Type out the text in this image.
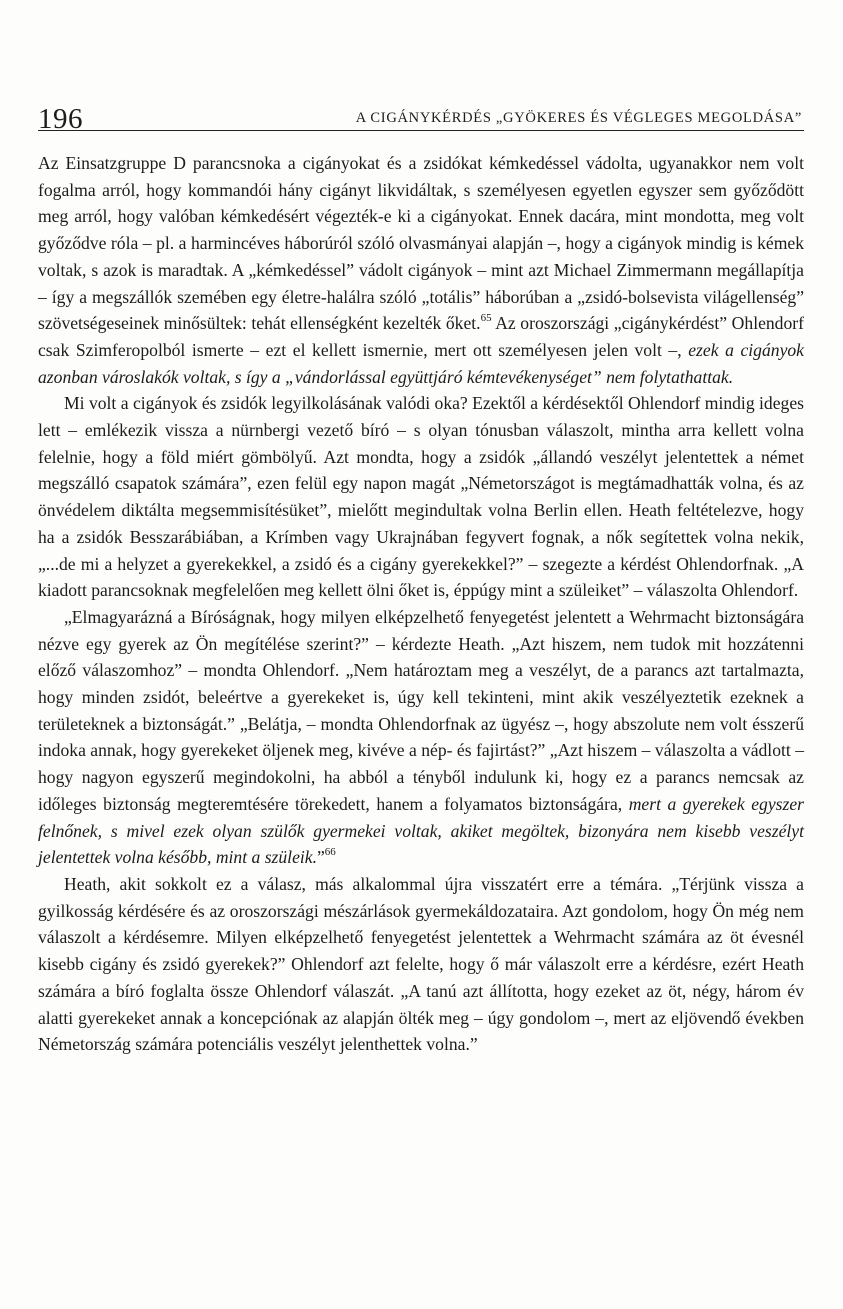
196	A CIGÁNYKÉRDÉS „GYÖKERES ÉS VÉGLEGES MEGOLDÁSA”

Az Einsatzgruppe D parancsnoka a cigányokat és a zsidókat kémkedéssel vádolta, ugyanakkor nem volt fogalma arról, hogy kommandói hány cigányt likvidáltak, s személyesen egyetlen egyszer sem győződött meg arról, hogy valóban kémkedésért végezték-e ki a cigányokat. Ennek dacára, mint mondotta, meg volt győződve róla – pl. a harmincéves háborúról szóló olvasmányai alapján –, hogy a cigányok mindig is kémek voltak, s azok is maradtak. A „kémkedéssel” vádolt cigányok – mint azt Michael Zimmermann megállapítja – így a megszállók szemében egy életre-halálra szóló „totális” háborúban a „zsidó-bolsevista világellenség” szövetségeseinek minősültek: tehát ellenségként kezelték őket.$^{65}$ Az oroszországi „cigánykérdést” Ohlendorf csak Szimferopolból ismerte – ezt el kellett ismernie, mert ott személyesen jelen volt –, ezek a cigányok azonban városlakók voltak, s így a „vándorlással együttjáró kémtevékenységet” nem folytathattak.

Mi volt a cigányok és zsidók legyilkolásának valódi oka? Ezektől a kérdésektől Ohlendorf mindig ideges lett – emlékezik vissza a nürnbergi vezető bíró – s olyan tónusban válaszolt, mintha arra kellett volna felelnie, hogy a föld miért gömbölyű. Azt mondta, hogy a zsidók „állandó veszélyt jelentettek a német megszálló csapatok számára”, ezen felül egy napon magát „Németországot is megtámadhatták volna, és az önvédelem diktálta megsemmisítésüket”, mielőtt megindultak volna Berlin ellen. Heath feltételezve, hogy ha a zsidók Besszarábiában, a Krímben vagy Ukrajnában fegyvert fognak, a nők segítettek volna nekik, „...de mi a helyzet a gyerekekkel, a zsidó és a cigány gyerekekkel?” – szegezte a kérdést Ohlendorfnak. „A kiadott parancsoknak megfelelően meg kellett ölni őket is, éppúgy mint a szüleiket” – válaszolta Ohlendorf.

„Elmagyarázná a Bíróságnak, hogy milyen elképzelhető fenyegetést jelentett a Wehrmacht biztonságára nézve egy gyerek az Ön megítélése szerint?” – kérdezte Heath. „Azt hiszem, nem tudok mit hozzátenni előző válaszomhoz” – mondta Ohlendorf. „Nem határoztam meg a veszélyt, de a parancs azt tartalmazta, hogy minden zsidót, beleértve a gyerekeket is, úgy kell tekinteni, mint akik veszélyeztetik ezeknek a területeknek a biztonságát.” „Belátja, – mondta Ohlendorfnak az ügyész –, hogy abszolute nem volt ésszerű indoka annak, hogy gyerekeket öljenek meg, kivéve a nép- és fajirtást?” „Azt hiszem – válaszolta a vádlott – hogy nagyon egyszerű megindokolni, ha abból a tényből indulunk ki, hogy ez a parancs nemcsak az időleges biztonság megteremtésére törekedett, hanem a folyamatos biztonságára, mert a gyerekek egyszer felnőnek, s mivel ezek olyan szülők gyermekei voltak, akiket megöltek, bizonyára nem kisebb veszélyt jelentettek volna később, mint a szüleik.”$^{66}$

Heath, akit sokkolt ez a válasz, más alkalommal újra visszatért erre a témára. „Térjünk vissza a gyilkosság kérdésére és az oroszországi mészárlások gyermekáldozataira. Azt gondolom, hogy Ön még nem válaszolt a kérdésemre. Milyen elképzelhető fenyegetést jelentettek a Wehrmacht számára az öt évesnél kisebb cigány és zsidó gyerekek?” Ohlendorf azt felelte, hogy ő már válaszolt erre a kérdésre, ezért Heath számára a bíró foglalta össze Ohlendorf válaszát. „A tanú azt állította, hogy ezeket az öt, négy, három év alatti gyerekeket annak a koncepciónak az alapján ölték meg – úgy gondolom –, mert az eljövendő években Németország számára potenciális veszélyt jelenthettek volna.”
